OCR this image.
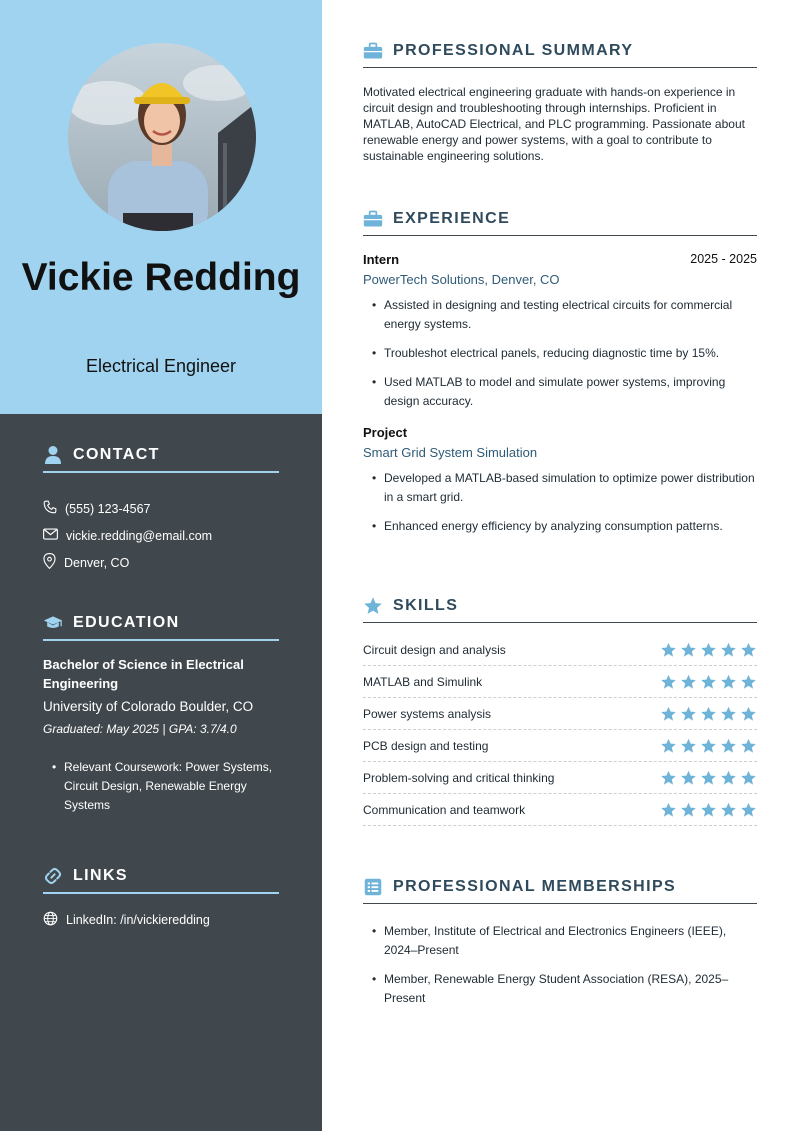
Vickie Redding
Electrical Engineer
CONTACT
(555) 123-4567
vickie.redding@email.com
Denver, CO
EDUCATION
Bachelor of Science in Electrical Engineering
University of Colorado Boulder, CO
Graduated: May 2025 | GPA: 3.7/4.0
• Relevant Coursework: Power Systems, Circuit Design, Renewable Energy Systems
LINKS
LinkedIn: /in/vickieredding
PROFESSIONAL SUMMARY

Motivated electrical engineering graduate with hands-on experience in circuit design and troubleshooting through internships. Proficient in MATLAB, AutoCAD Electrical, and PLC programming. Passionate about renewable energy and power systems, with a goal to contribute to sustainable engineering solutions.

EXPERIENCE
Intern	2025 - 2025
PowerTech Solutions, Denver, CO
• Assisted in designing and testing electrical circuits for commercial energy systems.
• Troubleshot electrical panels, reducing diagnostic time by 15%.
• Used MATLAB to model and simulate power systems, improving design accuracy.
Project
Smart Grid System Simulation
• Developed a MATLAB-based simulation to optimize power distribution in a smart grid.
• Enhanced energy efficiency by analyzing consumption patterns.
SKILLS
Circuit design and analysis
MATLAB and Simulink
Power systems analysis
PCB design and testing
Problem-solving and critical thinking
Communication and teamwork
PROFESSIONAL MEMBERSHIPS
• Member, Institute of Electrical and Electronics Engineers (IEEE), 2024–Present
• Member, Renewable Energy Student Association (RESA), 2025–Present
